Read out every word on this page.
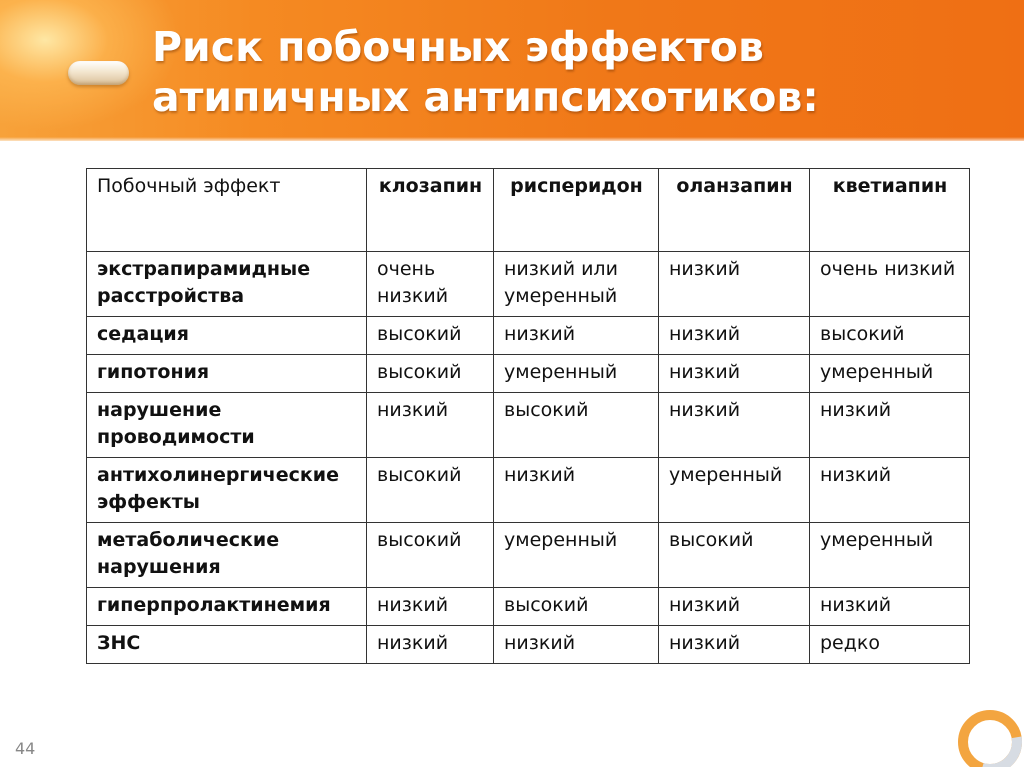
Риск побочных эффектов
атипичных антипсихотиков:
Побочный эффект	клозапин	рисперидон	оланзапин	кветиапин
экстрапирамидные расстройства	очень низкий	низкий или умеренный	низкий	очень низкий
седация	высокий	низкий	низкий	высокий
гипотония	высокий	умеренный	низкий	умеренный
нарушение проводимости	низкий	высокий	низкий	низкий
антихолинергические эффекты	высокий	низкий	умеренный	низкий
метаболические нарушения	высокий	умеренный	высокий	умеренный
гиперпролактинемия	низкий	высокий	низкий	низкий
ЗНС	низкий	низкий	низкий	редко
44
